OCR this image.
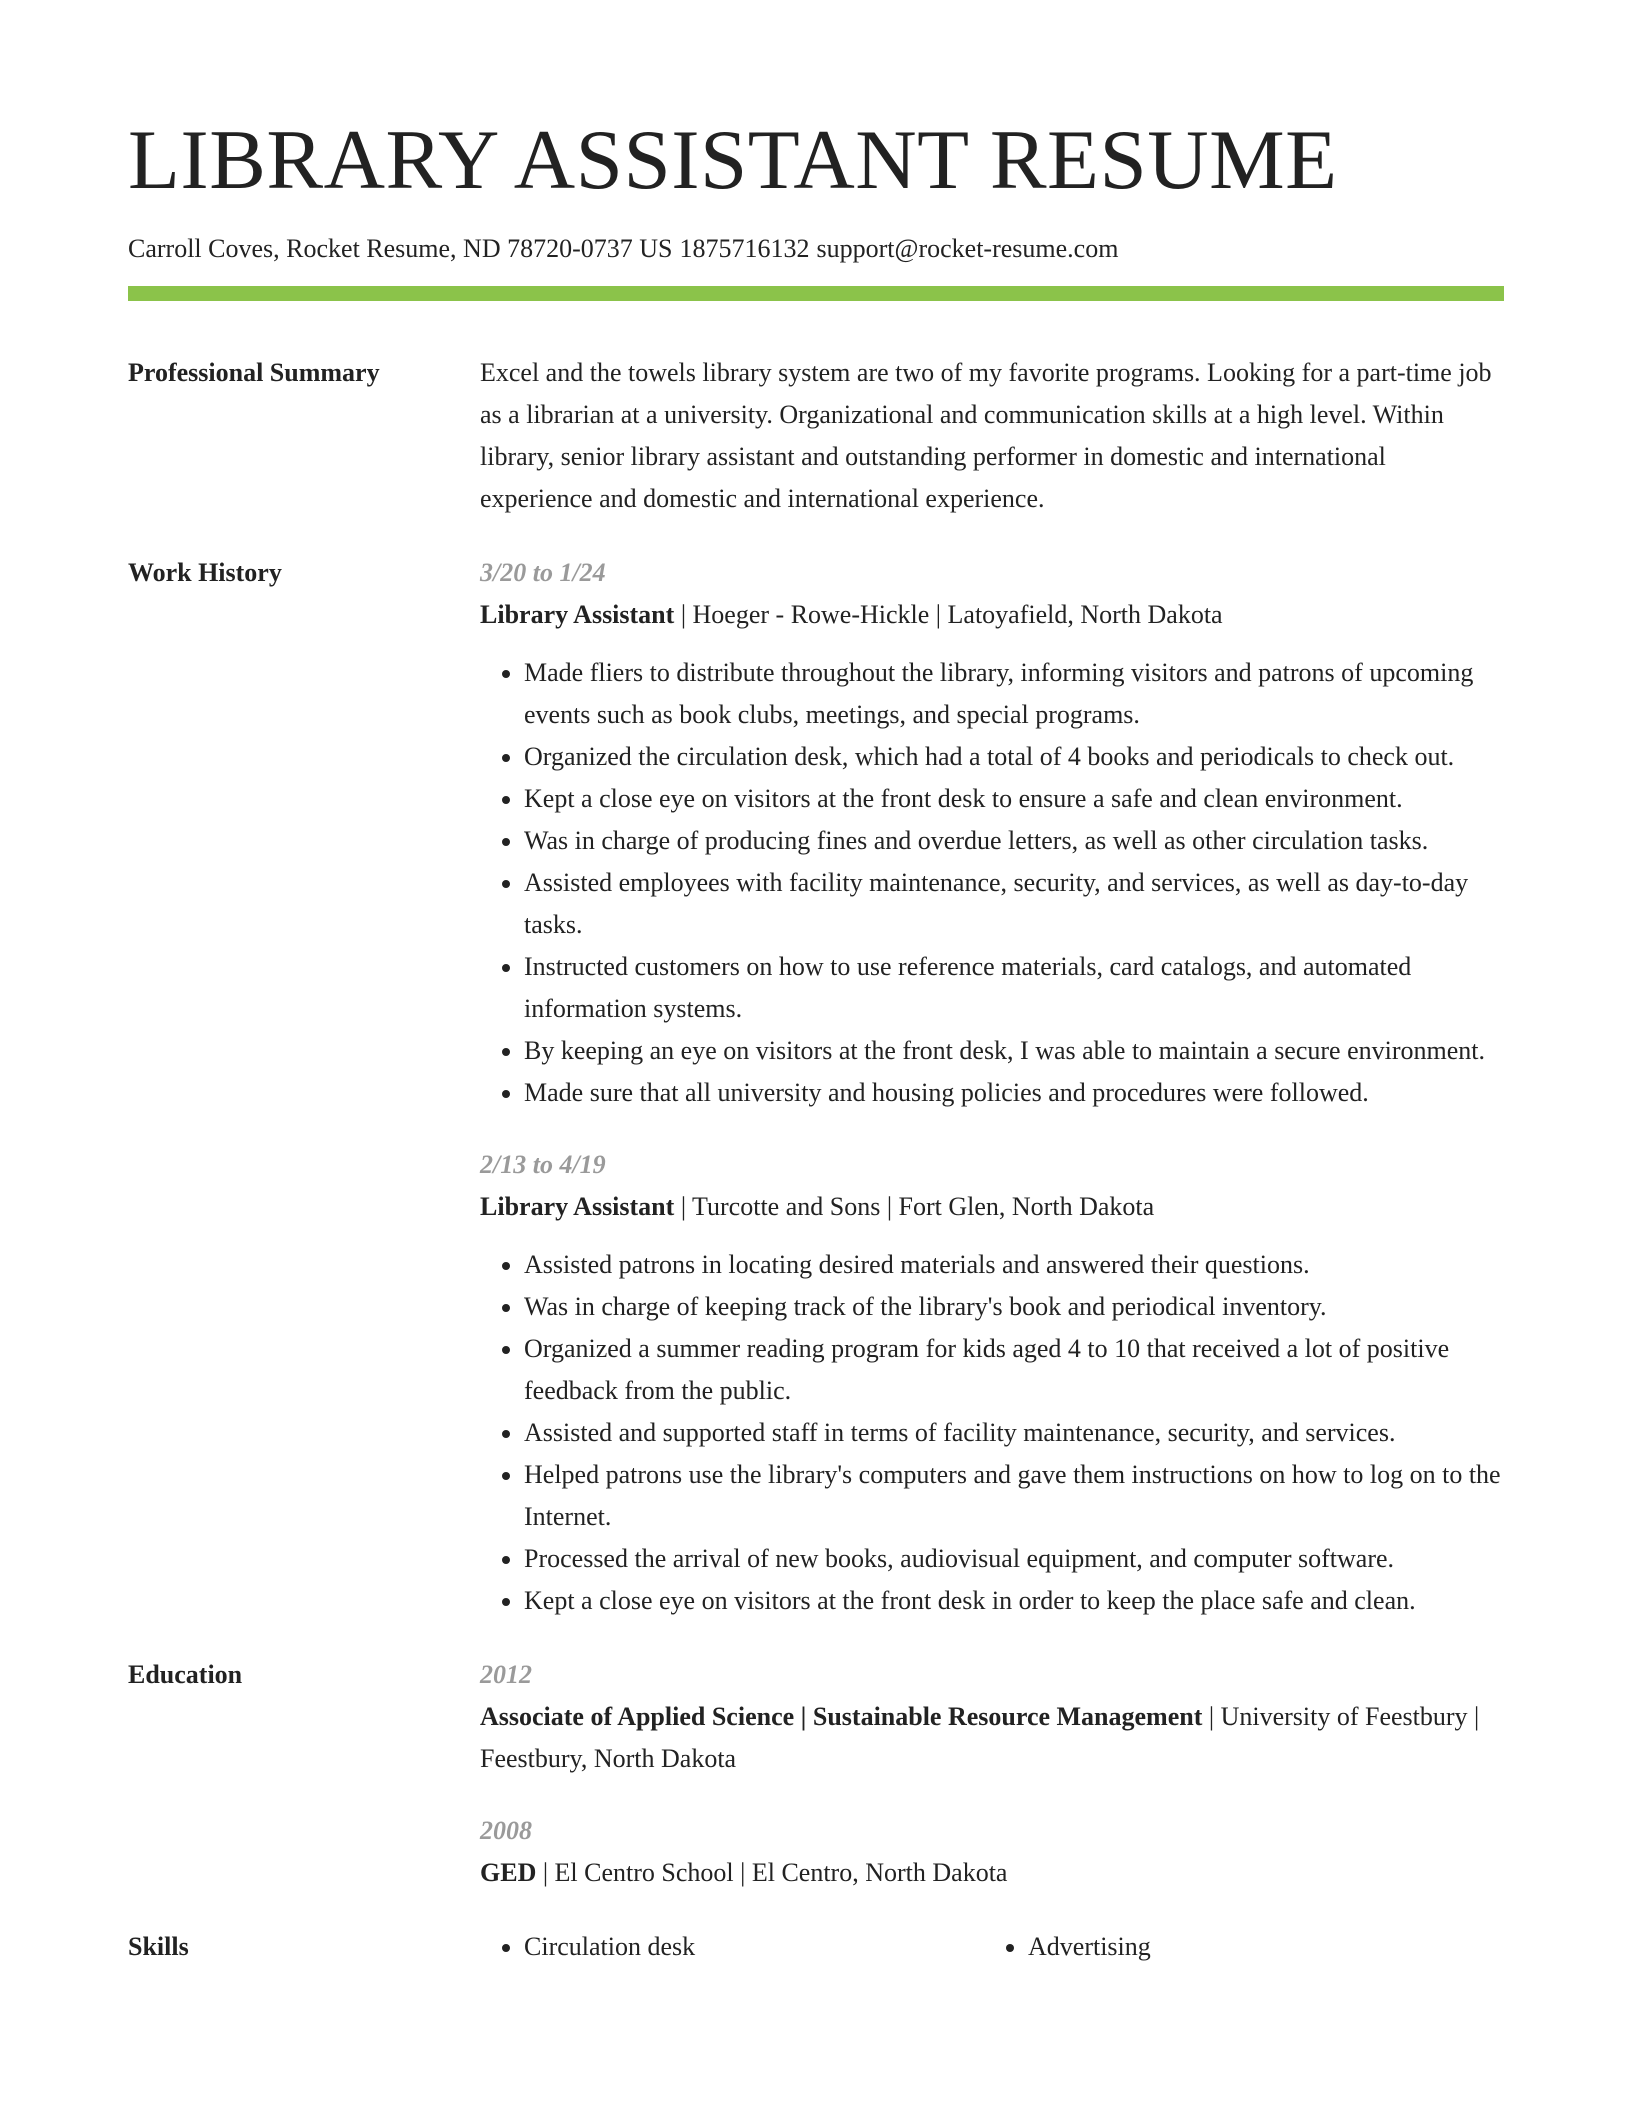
LIBRARY ASSISTANT RESUME
Carroll Coves, Rocket Resume, ND 78720-0737 US 1875716132 support@rocket-resume.com
Professional Summary	Excel and the towels library system are two of my favorite programs. Looking for a part-time job as a librarian at a university. Organizational and communication skills at a high level. Within library, senior library assistant and outstanding performer in domestic and international experience and domestic and international experience.

Work History	3/20 to 1/24
Library Assistant | Hoeger - Rowe-Hickle | Latoyafield, North Dakota
• Made fliers to distribute throughout the library, informing visitors and patrons of upcoming events such as book clubs, meetings, and special programs.
• Organized the circulation desk, which had a total of 4 books and periodicals to check out.
• Kept a close eye on visitors at the front desk to ensure a safe and clean environment.
• Was in charge of producing fines and overdue letters, as well as other circulation tasks.
• Assisted employees with facility maintenance, security, and services, as well as day-to-day tasks.
• Instructed customers on how to use reference materials, card catalogs, and automated information systems.
• By keeping an eye on visitors at the front desk, I was able to maintain a secure environment.
• Made sure that all university and housing policies and procedures were followed.
2/13 to 4/19
Library Assistant | Turcotte and Sons | Fort Glen, North Dakota
• Assisted patrons in locating desired materials and answered their questions.
• Was in charge of keeping track of the library's book and periodical inventory.
• Organized a summer reading program for kids aged 4 to 10 that received a lot of positive feedback from the public.
• Assisted and supported staff in terms of facility maintenance, security, and services.
• Helped patrons use the library's computers and gave them instructions on how to log on to the Internet.
• Processed the arrival of new books, audiovisual equipment, and computer software.
• Kept a close eye on visitors at the front desk in order to keep the place safe and clean.
Education	2012
Associate of Applied Science | Sustainable Resource Management | University of Feestbury | Feestbury, North Dakota
2008
GED | El Centro School | El Centro, North Dakota
Skills	• Circulation desk	• Advertising
